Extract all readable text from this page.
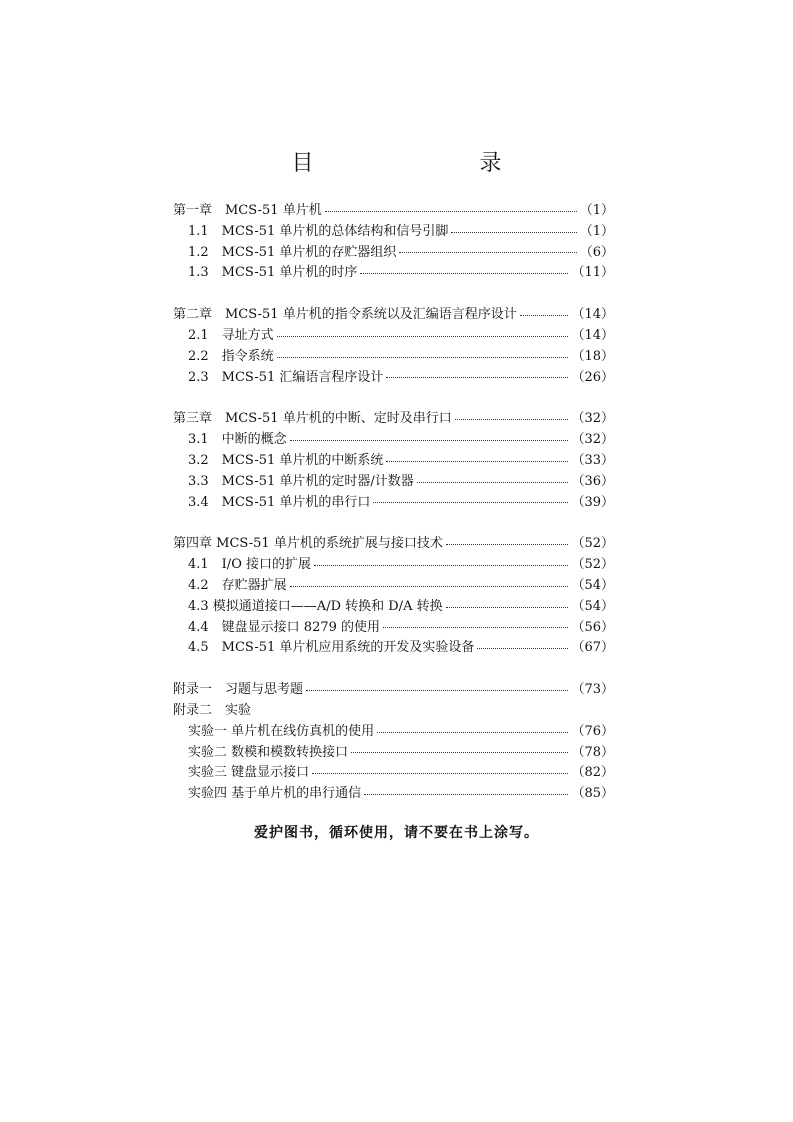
目　录
第一章　MCS-51 单片机	（1）
1.1　MCS-51 单片机的总体结构和信号引脚	（1）
1.2　MCS-51 单片机的存贮器组织	（6）
1.3　MCS-51 单片机的时序	（11）
第二章　MCS-51 单片机的指令系统以及汇编语言程序设计	（14）
2.1　寻址方式	（14）
2.2　指令系统	（18）
2.3　MCS-51 汇编语言程序设计	（26）
第三章　MCS-51 单片机的中断、定时及串行口	（32）
3.1　中断的概念	（32）
3.2　MCS-51 单片机的中断系统	（33）
3.3　MCS-51 单片机的定时器/计数器	（36）
3.4　MCS-51 单片机的串行口	（39）
第四章 MCS-51 单片机的系统扩展与接口技术	（52）
4.1　I/O 接口的扩展	（52）
4.2　存贮器扩展	（54）
4.3 模拟通道接口——A/D 转换和 D/A 转换	（54）
4.4　键盘显示接口 8279 的使用	（56）
4.5　MCS-51 单片机应用系统的开发及实验设备	（67）
附录一　习题与思考题	（73）
附录二　实验
实验一 单片机在线仿真机的使用	（76）
实验二 数模和模数转换接口	（78）
实验三 键盘显示接口	（82）
实验四 基于单片机的串行通信	（85）
爱护图书，循环使用，请不要在书上涂写。
